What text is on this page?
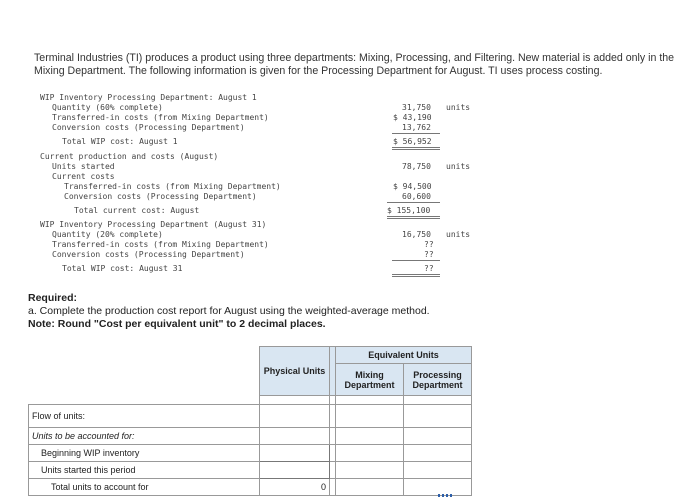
Terminal Industries (TI) produces a product using three departments: Mixing, Processing, and Filtering. New material is added only in the Mixing Department. The following information is given for the Processing Department for August. TI uses process costing.
WIP Inventory Processing Department: August 1
Quantity (60% complete)	31,750 units
Transferred-in costs (from Mixing Department)	$ 43,190
Conversion costs (Processing Department)	13,762
Total WIP cost: August 1	$ 56,952
Current production and costs (August)
Units started	78,750 units
Current costs
Transferred-in costs (from Mixing Department)	$ 94,500
Conversion costs (Processing Department)	60,600
Total current cost: August	$ 155,100
WIP Inventory Processing Department (August 31)
Quantity (20% complete)	16,750 units
Transferred-in costs (from Mixing Department)	??
Conversion costs (Processing Department)	??
Total WIP cost: August 31	??
Required:
a. Complete the production cost report for August using the weighted-average method.
Note: Round "Cost per equivalent unit" to 2 decimal places.
	Physical Units		Equivalent Units	
			Mixing Department	Processing Department

Flow of units:				
Units to be accounted for:				
Beginning WIP inventory				
Units started this period				
Total units to account for	0			
